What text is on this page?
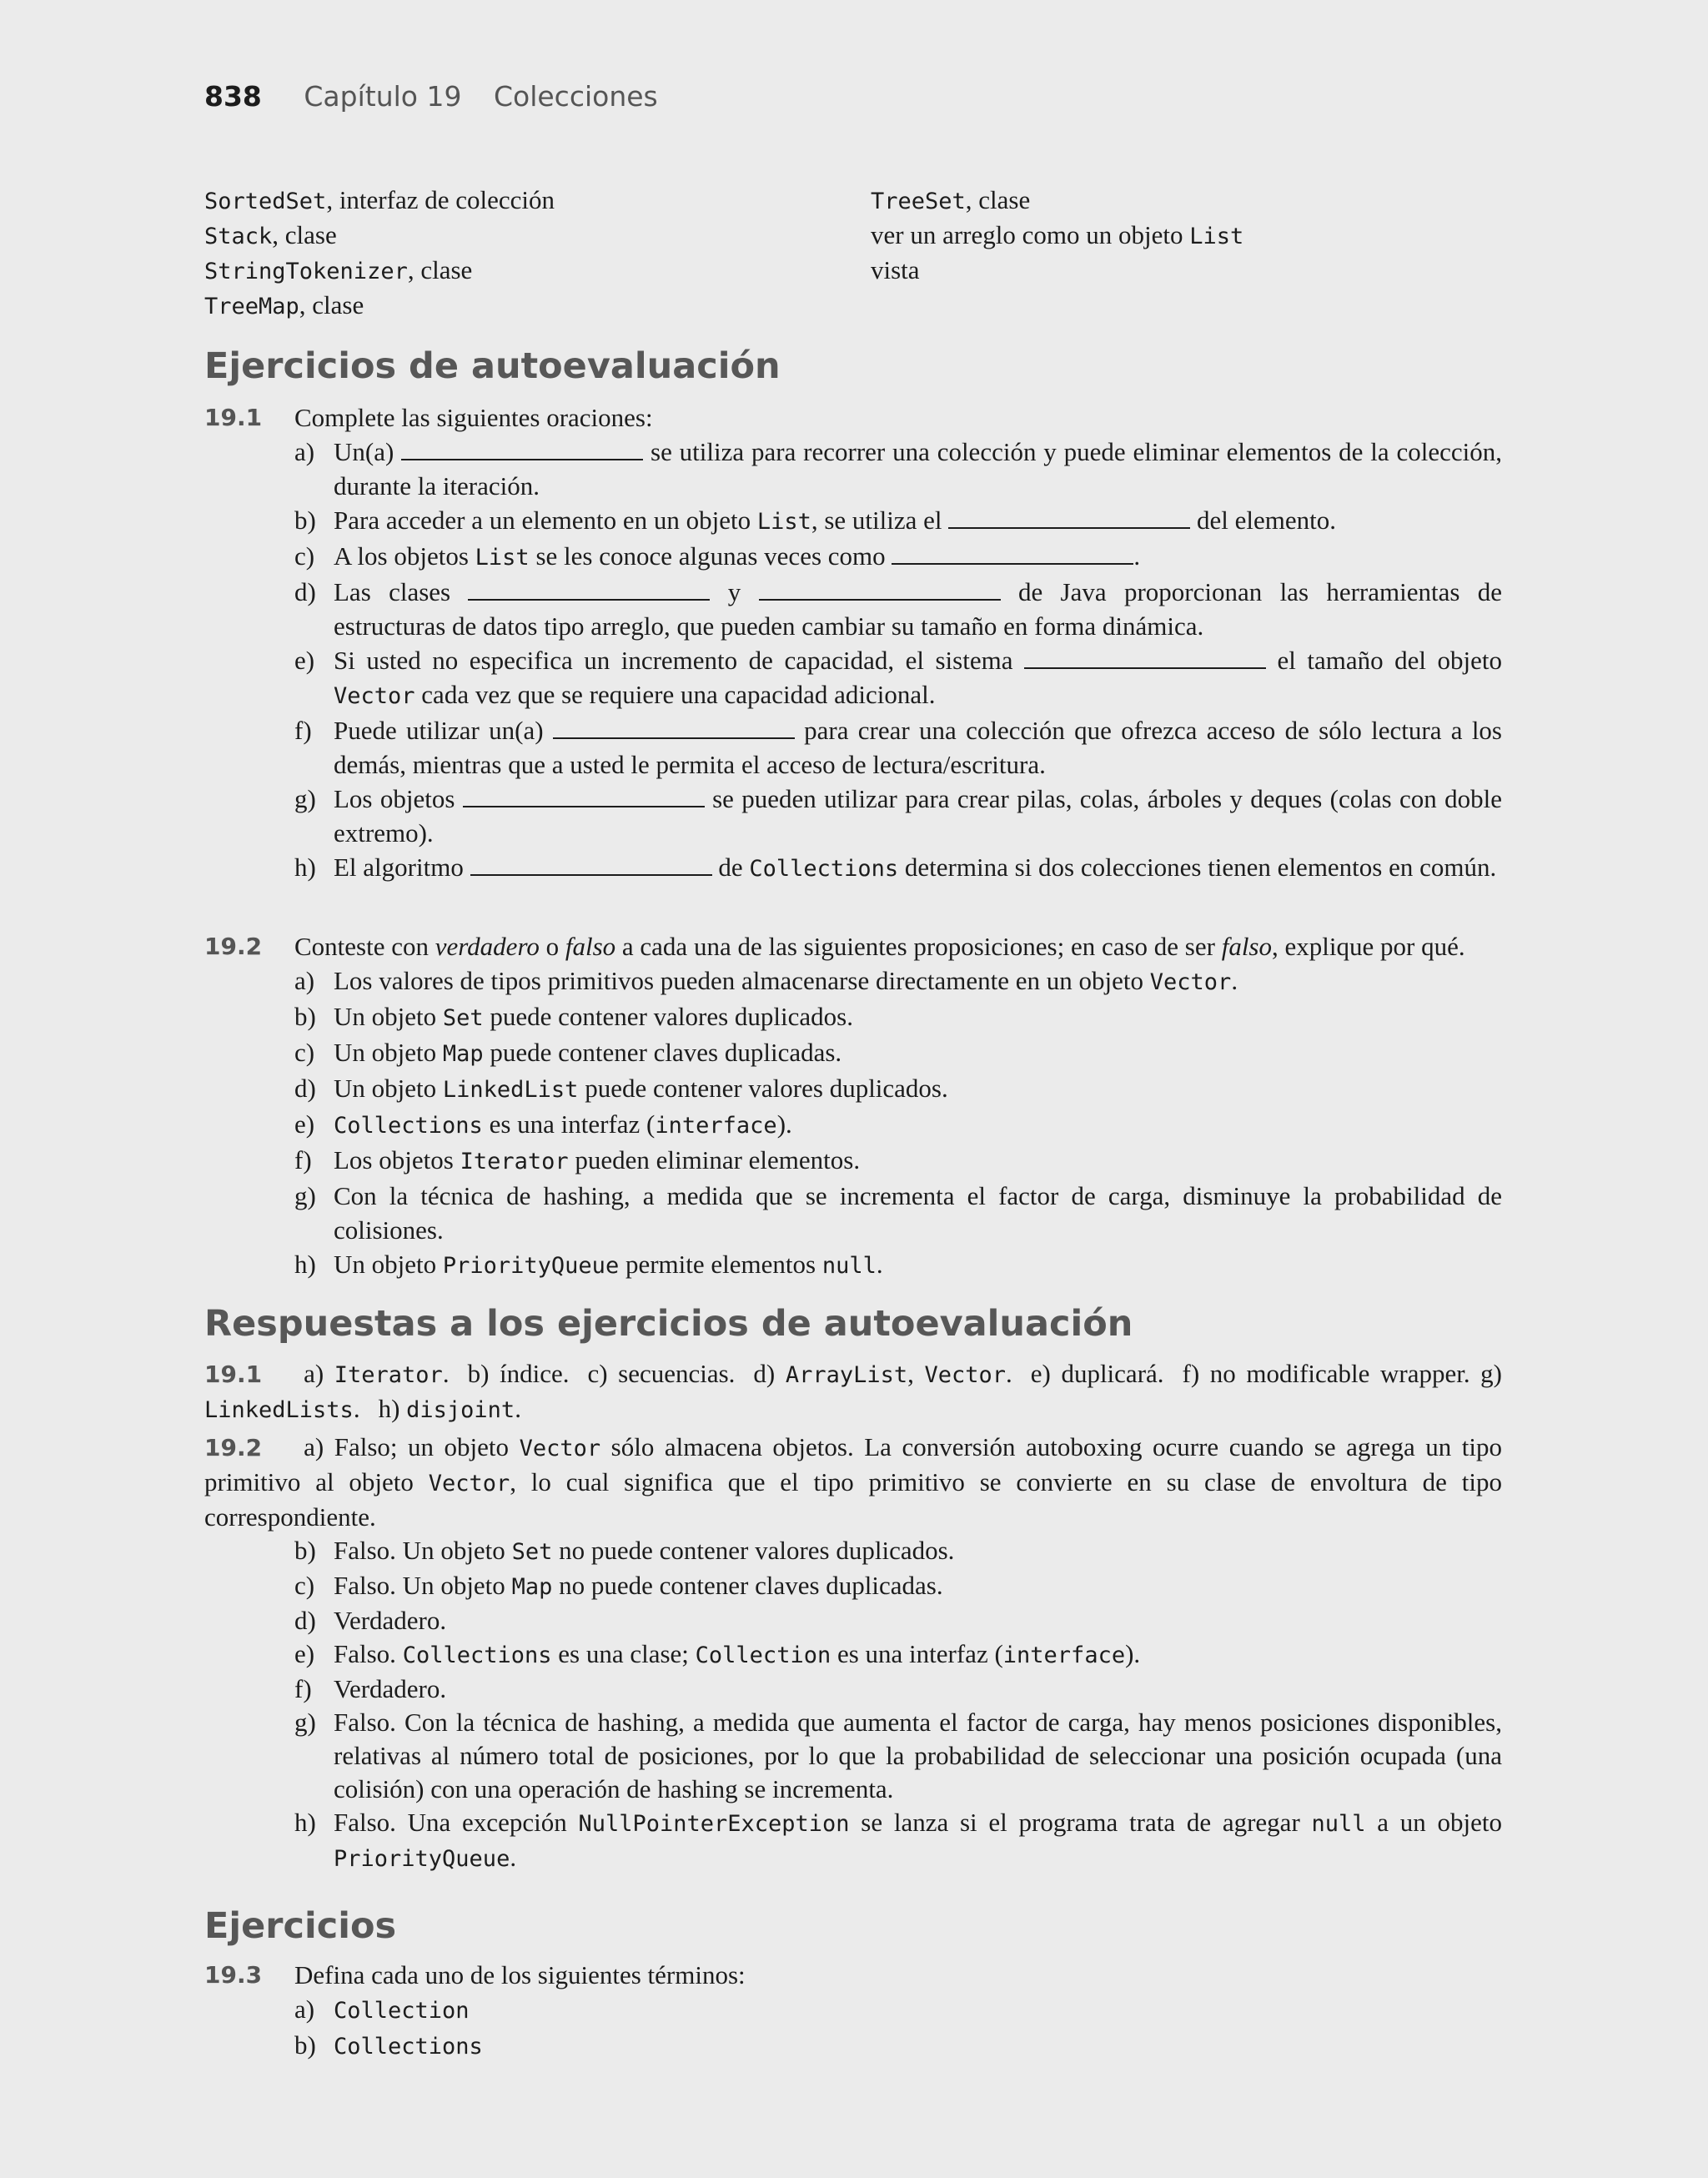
838 Capítulo 19 Colecciones
SortedSet, interfaz de colección
Stack, clase
StringTokenizer, clase
TreeMap, clase
TreeSet, clase
ver un arreglo como un objeto List
vista
Ejercicios de autoevaluación
19.1	Complete las siguientes oraciones:
a) Un(a)	se utiliza para recorrer una colección y puede eliminar elementos de la colección, durante la iteración.
b) Para acceder a un elemento en un objeto List, se utiliza el	del elemento.
c) A los objetos List se les conoce algunas veces como	.
d) Las clases	y	de Java proporcionan las herramientas de estructuras de datos tipo arreglo, que pueden cambiar su tamaño en forma dinámica.
e) Si usted no especifica un incremento de capacidad, el sistema	el tamaño del objeto Vector cada vez que se requiere una capacidad adicional.
f) Puede utilizar un(a)	para crear una colección que ofrezca acceso de sólo lectura a los demás, mientras que a usted le permita el acceso de lectura/escritura.
g) Los objetos	se pueden utilizar para crear pilas, colas, árboles y deques (colas con doble extremo).
h) El algoritmo	de Collections determina si dos colecciones tienen elementos en común.
19.2	Conteste con verdadero o falso a cada una de las siguientes proposiciones; en caso de ser falso, explique por qué.
a) Los valores de tipos primitivos pueden almacenarse directamente en un objeto Vector.
b) Un objeto Set puede contener valores duplicados.
c) Un objeto Map puede contener claves duplicadas.
d) Un objeto LinkedList puede contener valores duplicados.
e) Collections es una interfaz (interface).
f) Los objetos Iterator pueden eliminar elementos.
g) Con la técnica de hashing, a medida que se incrementa el factor de carga, disminuye la probabilidad de colisiones.
h) Un objeto PriorityQueue permite elementos null.
Respuestas a los ejercicios de autoevaluación
19.1 a) Iterator. b) índice. c) secuencias. d) ArrayList, Vector. e) duplicará. f) no modificable wrapper. g) LinkedLists. h) disjoint.
19.2 a) Falso; un objeto Vector sólo almacena objetos. La conversión autoboxing ocurre cuando se agrega un tipo primitivo al objeto Vector, lo cual significa que el tipo primitivo se convierte en su clase de envoltura de tipo correspondiente.
b) Falso. Un objeto Set no puede contener valores duplicados.
c) Falso. Un objeto Map no puede contener claves duplicadas.
d) Verdadero.
e) Falso. Collections es una clase; Collection es una interfaz (interface).
f) Verdadero.
g) Falso. Con la técnica de hashing, a medida que aumenta el factor de carga, hay menos posiciones disponibles, relativas al número total de posiciones, por lo que la probabilidad de seleccionar una posición ocupada (una colisión) con una operación de hashing se incrementa.
h) Falso. Una excepción NullPointerException se lanza si el programa trata de agregar null a un objeto PriorityQueue.
Ejercicios
19.3	Defina cada uno de los siguientes términos:
a) Collection
b) Collections
